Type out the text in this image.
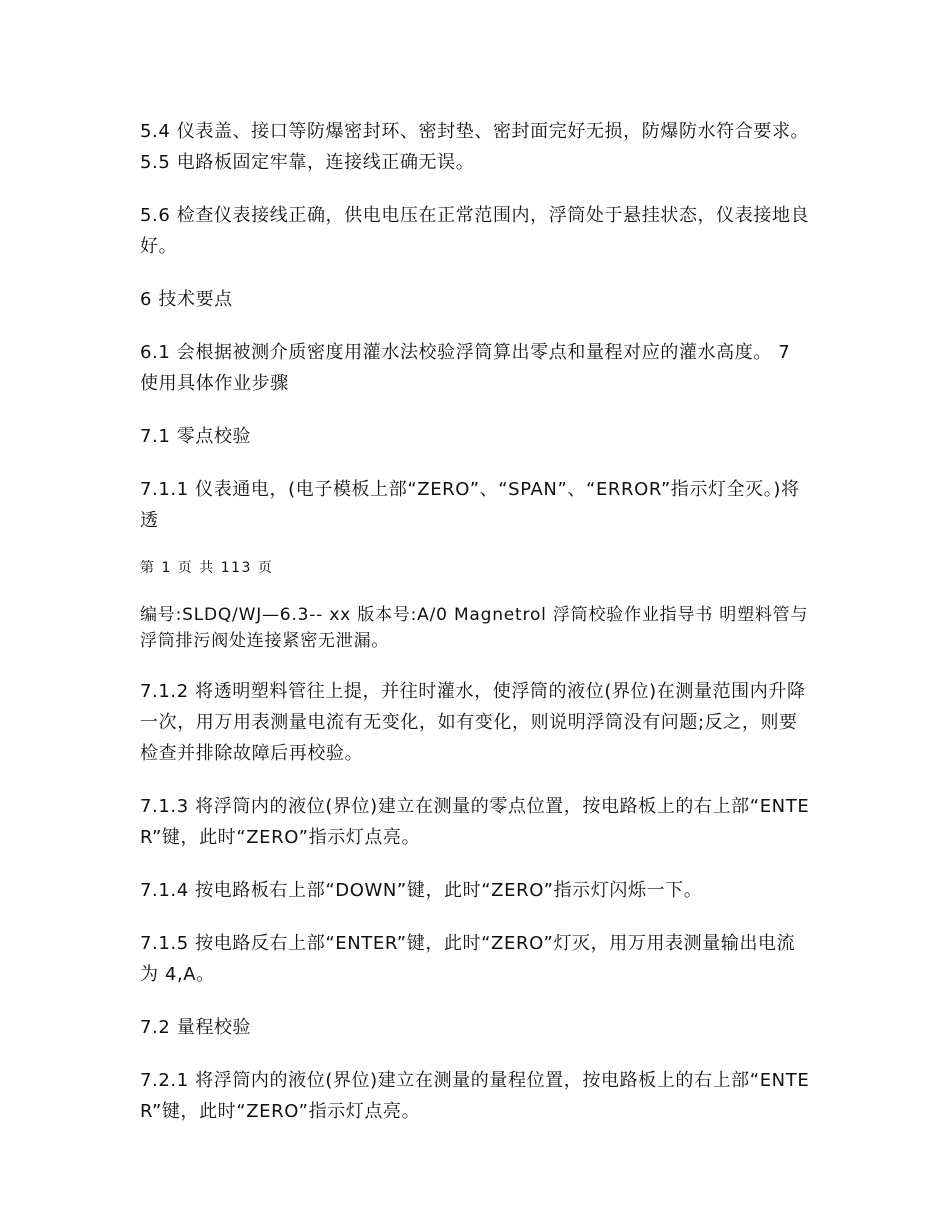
5.4 仪表盖、接口等防爆密封环、密封垫、密封面完好无损，防爆防水符合要求。 5.5 电路板固定牢靠，连接线正确无误。

5.6 检查仪表接线正确，供电电压在正常范围内，浮筒处于悬挂状态，仪表接地良好。

6 技术要点

6.1 会根据被测介质密度用灌水法校验浮筒算出零点和量程对应的灌水高度。 7 使用具体作业步骤

7.1 零点校验

7.1.1 仪表通电，(电子模板上部“ZERO”、“SPAN”、“ERROR”指示灯全灭。)将透

第 1 页 共 113 页

编号:SLDQ/WJ—6.3-- xx 版本号:A/0 Magnetrol 浮筒校验作业指导书 明塑料管与浮筒排污阀处连接紧密无泄漏。

7.1.2 将透明塑料管往上提，并往时灌水，使浮筒的液位(界位)在测量范围内升降一次，用万用表测量电流有无变化，如有变化，则说明浮筒没有问题;反之，则要检查并排除故障后再校验。

7.1.3 将浮筒内的液位(界位)建立在测量的零点位置，按电路板上的右上部“ENTER”键，此时“ZERO”指示灯点亮。

7.1.4 按电路板右上部“DOWN”键，此时“ZERO”指示灯闪烁一下。

7.1.5 按电路反右上部“ENTER”键，此时“ZERO”灯灭，用万用表测量输出电流为 4,A。

7.2 量程校验

7.2.1 将浮筒内的液位(界位)建立在测量的量程位置，按电路板上的右上部“ENTER”键，此时“ZERO”指示灯点亮。
